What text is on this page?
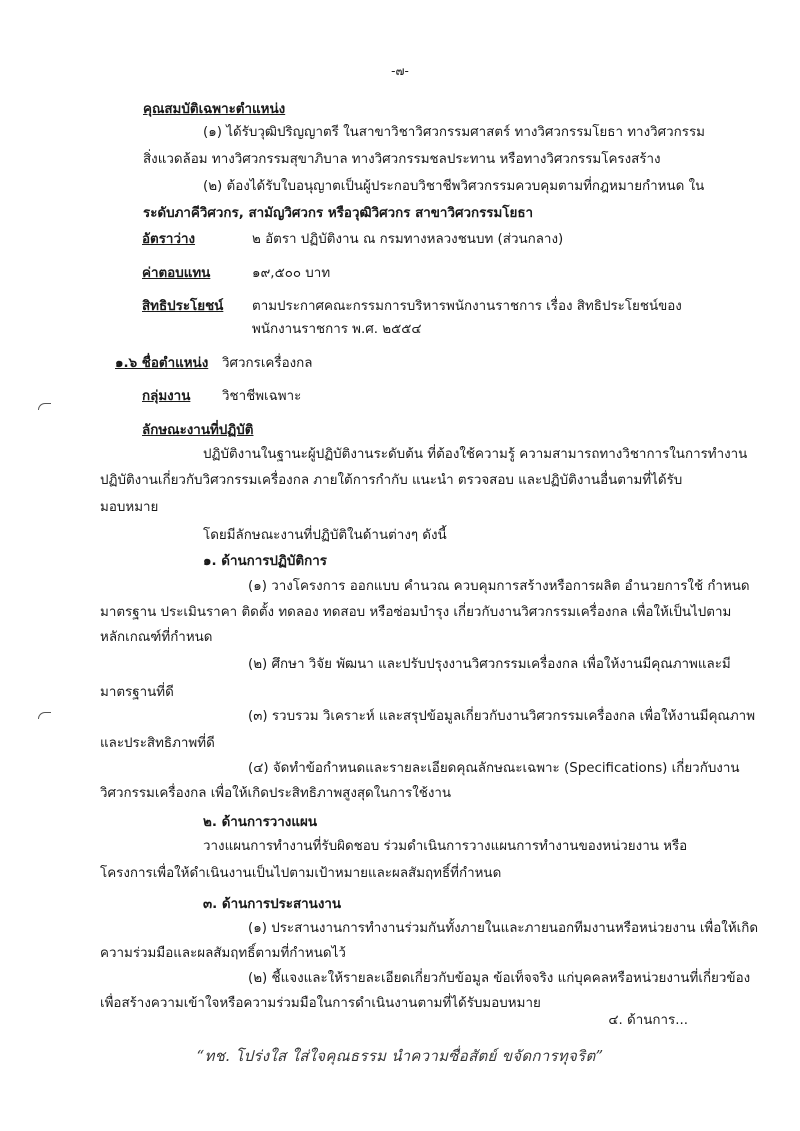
-๗-
คุณสมบัติเฉพาะตำแหน่ง
(๑) ได้รับวุฒิปริญญาตรี ในสาขาวิชาวิศวกรรมศาสตร์ ทางวิศวกรรมโยธา ทางวิศวกรรม
สิ่งแวดล้อม ทางวิศวกรรมสุขาภิบาล ทางวิศวกรรมชลประทาน หรือทางวิศวกรรมโครงสร้าง
(๒) ต้องได้รับใบอนุญาตเป็นผู้ประกอบวิชาชีพวิศวกรรมควบคุมตามที่กฎหมายกำหนด ใน
ระดับภาคีวิศวกร, สามัญวิศวกร หรือวุฒิวิศวกร สาขาวิศวกรรมโยธา
อัตราว่าง	๒ อัตรา ปฏิบัติงาน ณ กรมทางหลวงชนบท (ส่วนกลาง)
ค่าตอบแทน	๑๙,๕๐๐ บาท
สิทธิประโยชน์ ตามประกาศคณะกรรมการบริหารพนักงานราชการ เรื่อง สิทธิประโยชน์ของ
พนักงานราชการ พ.ศ. ๒๕๕๔
๑.๖ ชื่อตำแหน่ง วิศวกรเครื่องกล
กลุ่มงาน วิชาชีพเฉพาะ
ลักษณะงานที่ปฏิบัติ
ปฏิบัติงานในฐานะผู้ปฏิบัติงานระดับต้น ที่ต้องใช้ความรู้ ความสามารถทางวิชาการในการทำงาน
ปฏิบัติงานเกี่ยวกับวิศวกรรมเครื่องกล ภายใต้การกำกับ แนะนำ ตรวจสอบ และปฏิบัติงานอื่นตามที่ได้รับ
มอบหมาย
โดยมีลักษณะงานที่ปฏิบัติในด้านต่างๆ ดังนี้
๑. ด้านการปฏิบัติการ
(๑) วางโครงการ ออกแบบ คำนวณ ควบคุมการสร้างหรือการผลิต อำนวยการใช้ กำหนด
มาตรฐาน ประเมินราคา ติดตั้ง ทดลอง ทดสอบ หรือซ่อมบำรุง เกี่ยวกับงานวิศวกรรมเครื่องกล เพื่อให้เป็นไปตาม
หลักเกณฑ์ที่กำหนด
(๒) ศึกษา วิจัย พัฒนา และปรับปรุงงานวิศวกรรมเครื่องกล เพื่อให้งานมีคุณภาพและมี
มาตรฐานที่ดี
(๓) รวบรวม วิเคราะห์ และสรุปข้อมูลเกี่ยวกับงานวิศวกรรมเครื่องกล เพื่อให้งานมีคุณภาพ
และประสิทธิภาพที่ดี
(๔) จัดทำข้อกำหนดและรายละเอียดคุณลักษณะเฉพาะ (Specifications) เกี่ยวกับงาน
วิศวกรรมเครื่องกล เพื่อให้เกิดประสิทธิภาพสูงสุดในการใช้งาน
๒. ด้านการวางแผน
วางแผนการทำงานที่รับผิดชอบ ร่วมดำเนินการวางแผนการทำงานของหน่วยงาน หรือ
โครงการเพื่อให้ดำเนินงานเป็นไปตามเป้าหมายและผลสัมฤทธิ์ที่กำหนด
๓. ด้านการประสานงาน
(๑) ประสานงานการทำงานร่วมกันทั้งภายในและภายนอกทีมงานหรือหน่วยงาน เพื่อให้เกิด
ความร่วมมือและผลสัมฤทธิ์ตามที่กำหนดไว้
(๒) ชี้แจงและให้รายละเอียดเกี่ยวกับข้อมูล ข้อเท็จจริง แก่บุคคลหรือหน่วยงานที่เกี่ยวข้อง
เพื่อสร้างความเข้าใจหรือความร่วมมือในการดำเนินงานตามที่ได้รับมอบหมาย
๔. ด้านการ...
“ทช. โปร่งใส ใส่ใจคุณธรรม นำความซื่อสัตย์ ขจัดการทุจริต”
